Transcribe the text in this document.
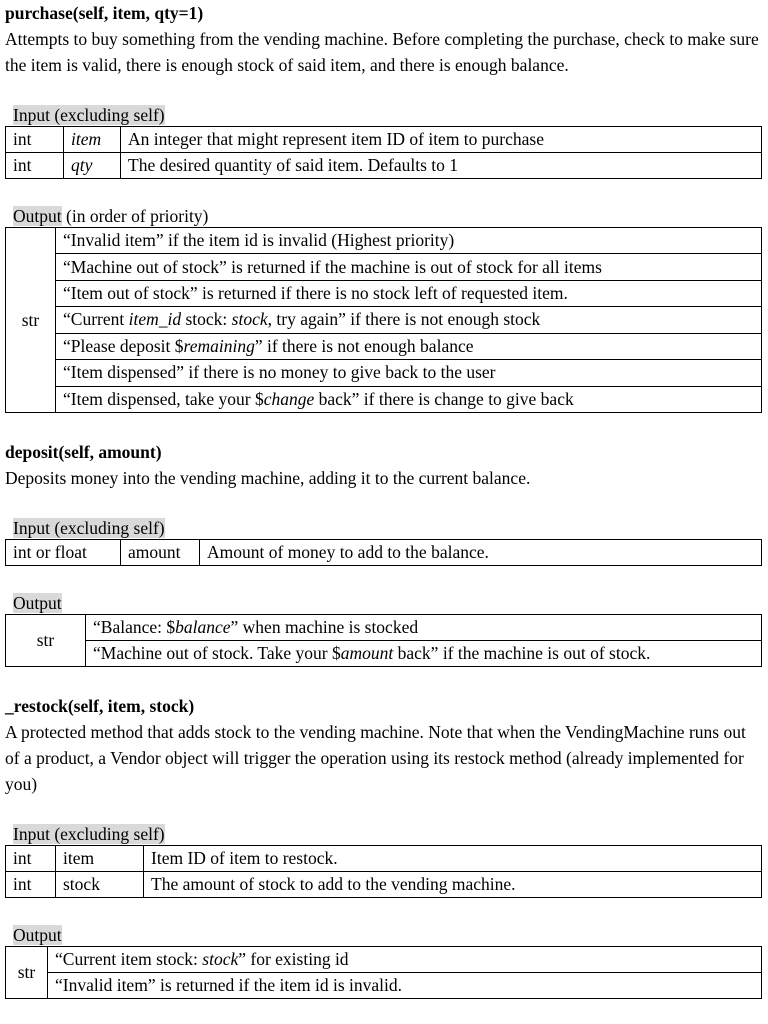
purchase(self, item, qty=1)

Attempts to buy something from the vending machine. Before completing the purchase, check to make sure the item is valid, there is enough stock of said item, and there is enough balance.

Input (excluding self)
int	item	An integer that might represent item ID of item to purchase
int	qty	The desired quantity of said item. Defaults to 1
Output (in order of priority)
str	“Invalid item” if the item id is invalid (Highest priority)
“Machine out of stock” is returned if the machine is out of stock for all items
“Item out of stock” is returned if there is no stock left of requested item.
“Current item_id stock: stock, try again” if there is not enough stock
“Please deposit $remaining” if there is not enough balance
“Item dispensed” if there is no money to give back to the user
“Item dispensed, take your $change back” if there is change to give back

deposit(self, amount)

Deposits money into the vending machine, adding it to the current balance.

Input (excluding self)
int or float	amount	Amount of money to add to the balance.
Output
str	“Balance: $balance” when machine is stocked
“Machine out of stock. Take your $amount back” if the machine is out of stock.

_restock(self, item, stock)

A protected method that adds stock to the vending machine. Note that when the VendingMachine runs out of a product, a Vendor object will trigger the operation using its restock method (already implemented for you)

Input (excluding self)
int	item	Item ID of item to restock.
int	stock	The amount of stock to add to the vending machine.
Output
str	“Current item stock: stock” for existing id
“Invalid item” is returned if the item id is invalid.
